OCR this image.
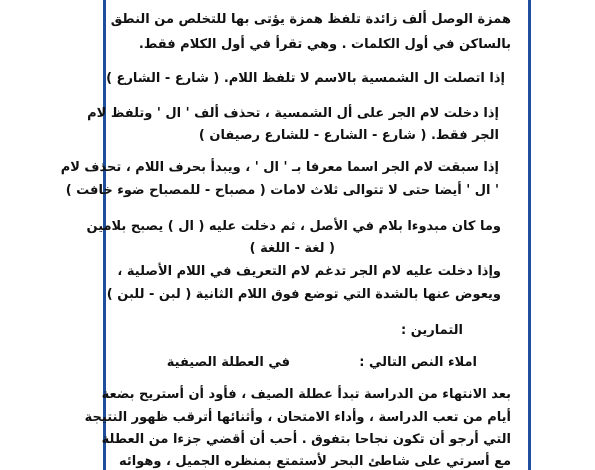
همزة الوصل ألف زائدة تلفظ همزة يؤتى بها للتخلص من النطق
بالساكن في أول الكلمات . وهي تقرأ في أول الكلام فقط.
إذا اتصلت ال الشمسية بالاسم لا تلفظ اللام. ( شارع - الشارع )
إذا دخلت لام الجر على أل الشمسية ، تحذف ألف ' ال ' وتلفظ لام
الجر فقط. ( شارع - الشارع - للشارع رصيفان )
إذا سبقت لام الجر اسما معرفا بـ ' ال ' ، ويبدأ بحرف اللام ، تحذف لام
' ال ' أيضا حتى لا تتوالى ثلاث لامات ( مصباح - للمصباح ضوء خافت )
وما كان مبدوءا بلام في الأصل ، ثم دخلت عليه ( ال ) يصبح بلامين
( لغة - اللغة )
وإذا دخلت عليه لام الجر تدغم لام التعريف في اللام الأصلية ،
ويعوض عنها بالشدة التي توضع فوق اللام الثانية ( لبن - للبن )
التمارين :
املاء النص التالي :
في العطلة الصيفية
بعد الانتهاء من الدراسة تبدأ عطلة الصيف ، فأود أن أستريح بضعة
أيام من تعب الدراسة ، وأداء الامتحان ، وأثنائها أترقب ظهور النتيجة
التي أرجو أن تكون نجاحا بتفوق . أحب أن أقضي جزءا من العطلة
مع أسرتي على شاطئ البحر لأستمتع بمنظره الجميل ، وهوائه
